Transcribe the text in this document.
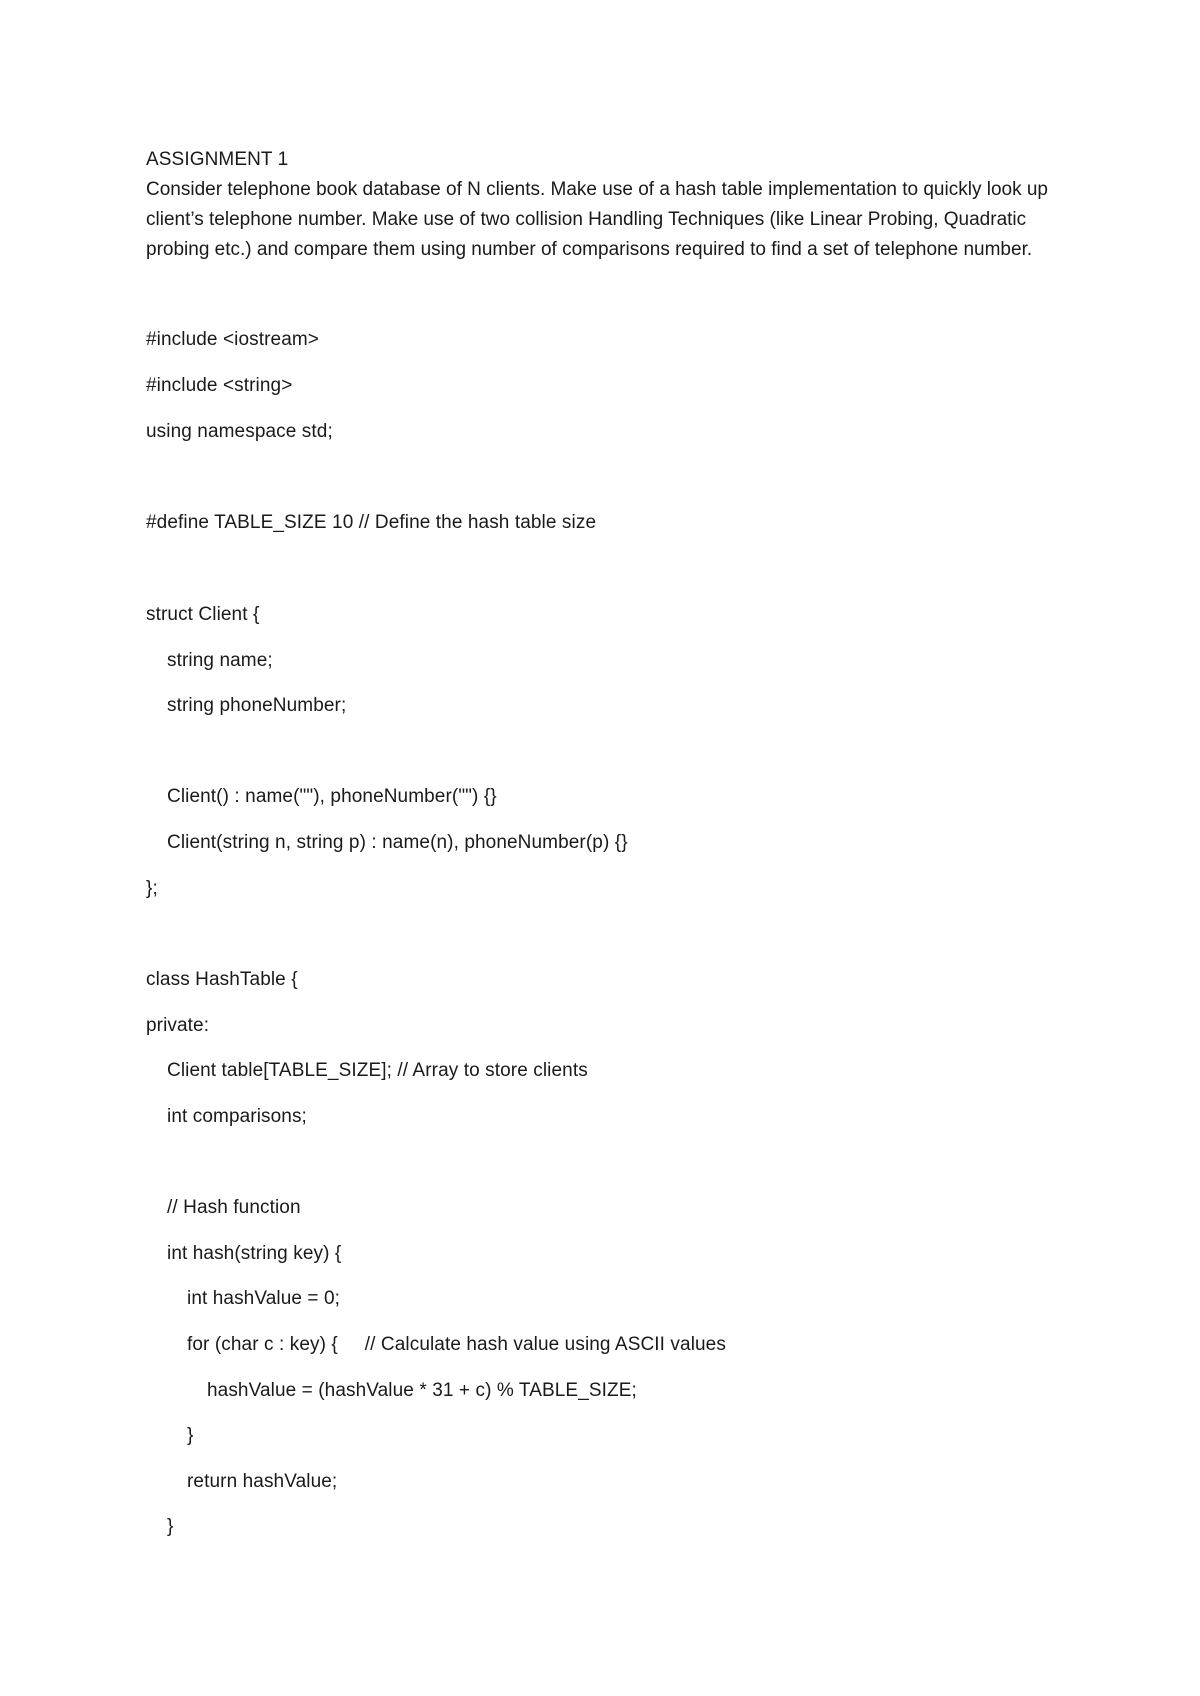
ASSIGNMENT 1
Consider telephone book database of N clients. Make use of a hash table implementation to quickly look up client’s telephone number. Make use of two collision Handling Techniques (like Linear Probing, Quadratic probing etc.) and compare them using number of comparisons required to find a set of telephone number.
#include <iostream>
#include <string>
using namespace std;
#define TABLE_SIZE 10 // Define the hash table size
struct Client {
string name;
string phoneNumber;
Client() : name(""), phoneNumber("") {}
Client(string n, string p) : name(n), phoneNumber(p) {}
};
class HashTable {
private:
Client table[TABLE_SIZE]; // Array to store clients
int comparisons;
// Hash function
int hash(string key) {
int hashValue = 0;
for (char c : key) {     // Calculate hash value using ASCII values
hashValue = (hashValue * 31 + c) % TABLE_SIZE;
}
return hashValue;
}
